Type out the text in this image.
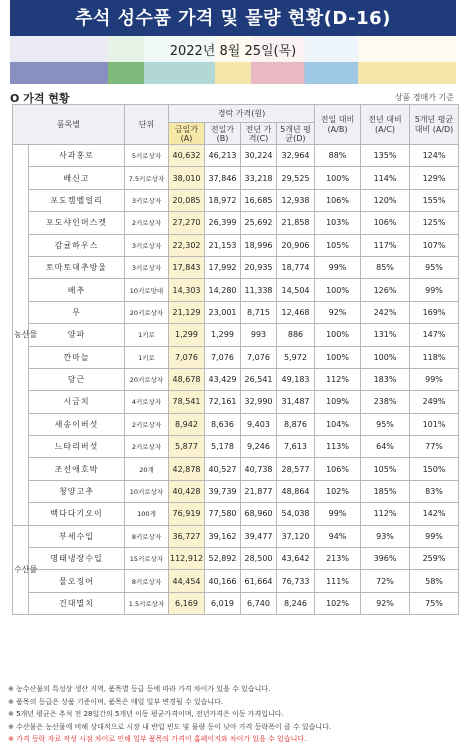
추석 성수품 가격 및 물량 현황(D-16)
2022년 8월 25일(목)
O 가격 현황	상품 경매가 기준
품목별		단위	경락 가격(원)				전일 대비 (A/B)	전년 대비 (A/C)	5개년 평균대비 (A/D)
			금일가 (A)	전일가 (B)	전년 가격(C)	5개년 평균(D)			
농산물	사과홍로	5키로상자	40,632	46,213	30,224	32,964	88%	135%	124%
	배신고	7.5키로상자	38,010	37,846	33,218	29,525	100%	114%	129%
	포도캠벨얼리	3키로상자	20,085	18,972	16,685	12,938	106%	120%	155%
	포도샤인머스켓	2키로상자	27,270	26,399	25,692	21,858	103%	106%	125%
	감귤하우스	3키로상자	22,302	21,153	18,996	20,906	105%	117%	107%
	토마토대추방울	3키로상자	17,843	17,992	20,935	18,774	99%	85%	95%
	배추	10키로망대	14,303	14,280	11,338	14,504	100%	126%	99%
	무	20키로상자	21,129	23,001	8,715	12,468	92%	242%	169%
	양파	1키로	1,299	1,299	993	886	100%	131%	147%
	깐마늘	1키로	7,076	7,076	7,076	5,972	100%	100%	118%
	당근	20키로상자	48,678	43,429	26,541	49,183	112%	183%	99%
	시금치	4키로상자	78,541	72,161	32,990	31,487	109%	238%	249%
	새송이버섯	2키로상자	8,942	8,636	9,403	8,876	104%	95%	101%
	느타리버섯	2키로상자	5,877	5,178	9,246	7,613	113%	64%	77%
	조선애호박	20개	42,878	40,527	40,738	28,577	106%	105%	150%
	청양고추	10키로상자	40,428	39,739	21,877	48,864	102%	185%	83%
	백다다기오이	100개	76,919	77,580	68,960	54,038	99%	112%	142%
수산물	부세수입	8키로상자	36,727	39,162	39,477	37,120	94%	93%	99%
	명태냉장수입	15키로상자	112,912	52,892	28,500	43,642	213%	396%	259%
	물오징어	8키로상자	44,454	40,166	61,664	76,733	111%	72%	58%
	건대멸치	1.5키로상자	6,169	6,019	6,740	8,246	102%	92%	75%
※ 농수산물의 특성상 생산 지역, 품목별 등급 등에 따라 가격 차이가 있을 수 있습니다.
※ 품목의 등급은 상품 기준이며, 품목은 매일 일부 변경될 수 있습니다.
※ 5개년 평균은 추석 전 28일간의 5개년 이동 평균가격이며, 전년가격은 이동 가격입니다.
※ 수산물은 농산물에 비해 상대적으로 시장 내 반입 빈도 및 물량 등이 낮아 가격 등락폭이 클 수 있습니다.
※ 가격 등락 자료 작성 시점 차이로 인해 일부 품목의 가격이 홈페이지와 차이가 있을 수 있습니다.
